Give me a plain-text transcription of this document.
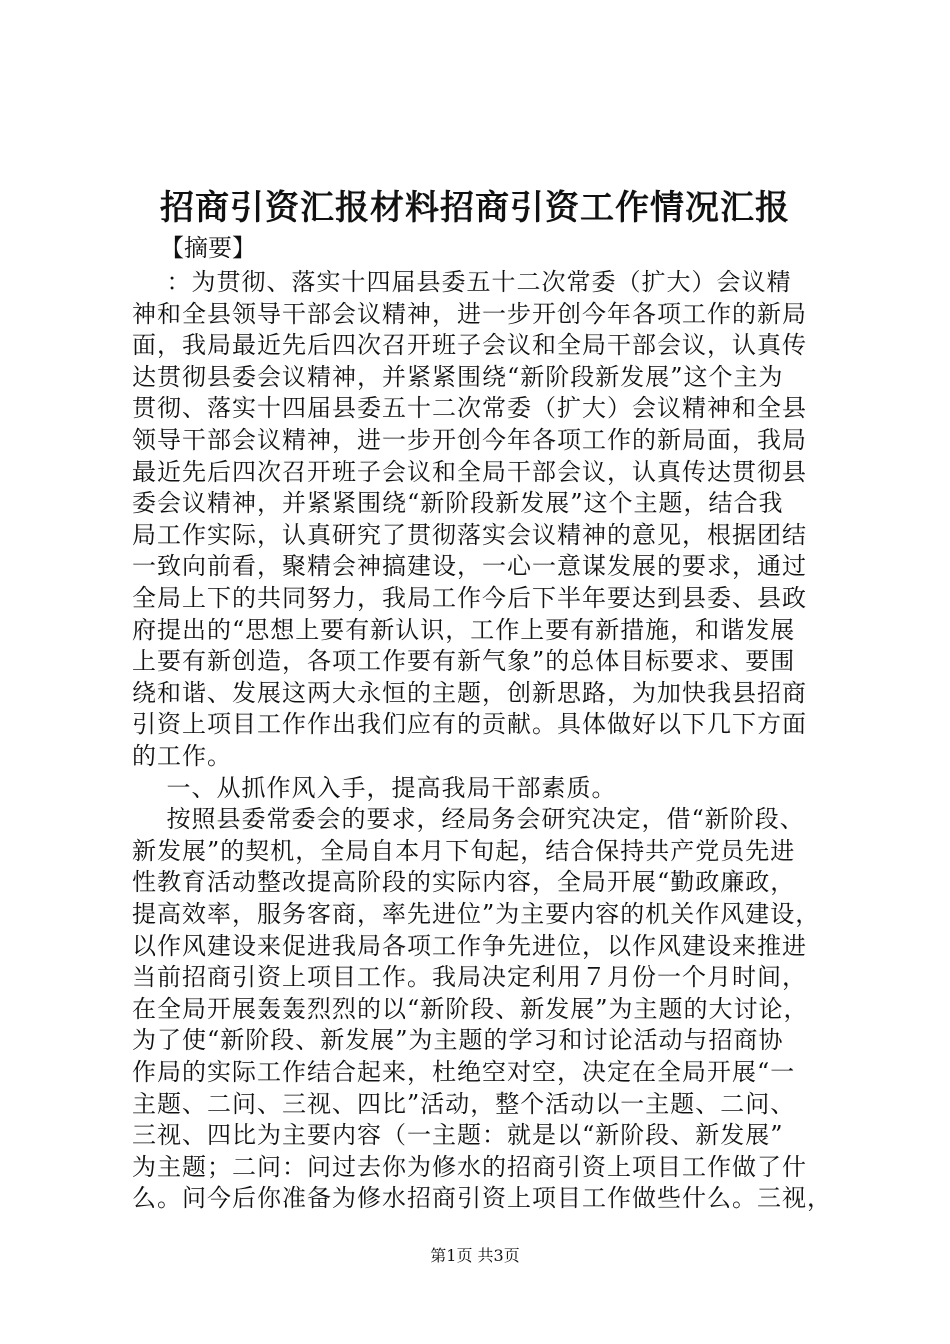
招商引资汇报材料招商引资工作情况汇报
【摘要】
：为贯彻、落实十四届县委五十二次常委（扩大）会议精
神和全县领导干部会议精神，进一步开创今年各项工作的新局
面，我局最近先后四次召开班子会议和全局干部会议，认真传
达贯彻县委会议精神，并紧紧围绕“新阶段新发展”这个主为
贯彻、落实十四届县委五十二次常委（扩大）会议精神和全县
领导干部会议精神，进一步开创今年各项工作的新局面，我局
最近先后四次召开班子会议和全局干部会议，认真传达贯彻县
委会议精神，并紧紧围绕“新阶段新发展”这个主题，结合我
局工作实际，认真研究了贯彻落实会议精神的意见，根据团结
一致向前看，聚精会神搞建设，一心一意谋发展的要求，通过
全局上下的共同努力，我局工作今后下半年要达到县委、县政
府提出的“思想上要有新认识，工作上要有新措施，和谐发展
上要有新创造，各项工作要有新气象”的总体目标要求、要围
绕和谐、发展这两大永恒的主题，创新思路，为加快我县招商
引资上项目工作作出我们应有的贡献。具体做好以下几下方面
的工作。
一、从抓作风入手，提高我局干部素质。
按照县委常委会的要求，经局务会研究决定，借“新阶段、
新发展”的契机，全局自本月下旬起，结合保持共产党员先进
性教育活动整改提高阶段的实际内容，全局开展“勤政廉政，
提高效率，服务客商，率先进位”为主要内容的机关作风建设，
以作风建设来促进我局各项工作争先进位，以作风建设来推进
当前招商引资上项目工作。我局决定利用７月份一个月时间，
在全局开展轰轰烈烈的以“新阶段、新发展”为主题的大讨论，
为了使“新阶段、新发展”为主题的学习和讨论活动与招商协
作局的实际工作结合起来，杜绝空对空，决定在全局开展“一
主题、二问、三视、四比”活动，整个活动以一主题、二问、
三视、四比为主要内容（一主题：就是以“新阶段、新发展”
为主题；二问：问过去你为修水的招商引资上项目工作做了什
么。问今后你准备为修水招商引资上项目工作做些什么。三视，
第1页 共3页
